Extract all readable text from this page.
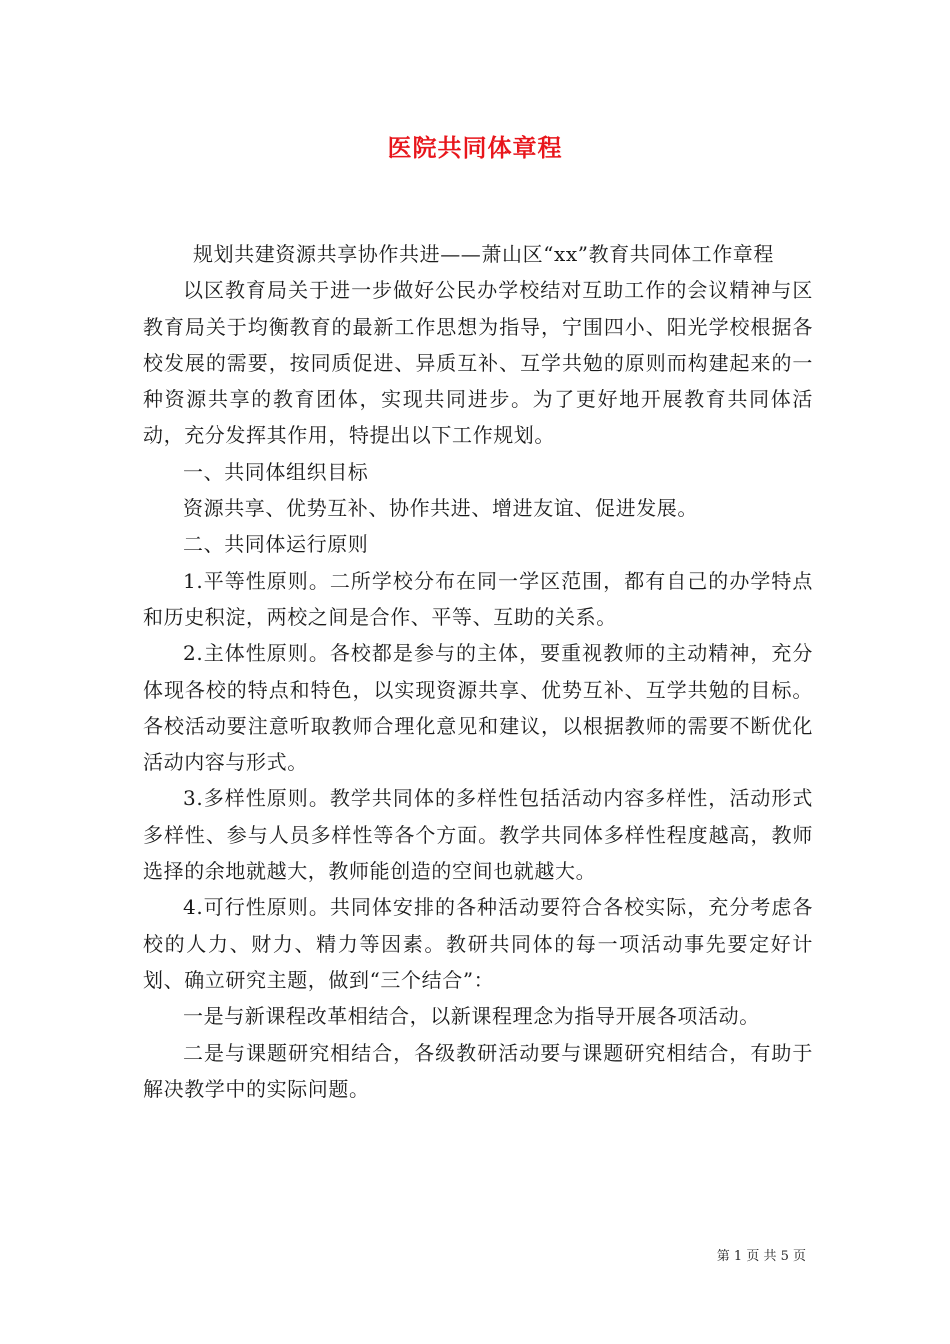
医院共同体章程

规划共建资源共享协作共进——萧山区“xx”教育共同体工作章程

以区教育局关于进一步做好公民办学校结对互助工作的会议精神与区教育局关于均衡教育的最新工作思想为指导，宁围四小、阳光学校根据各校发展的需要，按同质促进、异质互补、互学共勉的原则而构建起来的一种资源共享的教育团体，实现共同进步。为了更好地开展教育共同体活动，充分发挥其作用，特提出以下工作规划。

一、共同体组织目标

资源共享、优势互补、协作共进、增进友谊、促进发展。

二、共同体运行原则

1.平等性原则。二所学校分布在同一学区范围，都有自己的办学特点和历史积淀，两校之间是合作、平等、互助的关系。

2.主体性原则。各校都是参与的主体，要重视教师的主动精神，充分体现各校的特点和特色，以实现资源共享、优势互补、互学共勉的目标。各校活动要注意听取教师合理化意见和建议，以根据教师的需要不断优化活动内容与形式。

3.多样性原则。教学共同体的多样性包括活动内容多样性，活动形式多样性、参与人员多样性等各个方面。教学共同体多样性程度越高，教师选择的余地就越大，教师能创造的空间也就越大。

4.可行性原则。共同体安排的各种活动要符合各校实际，充分考虑各校的人力、财力、精力等因素。教研共同体的每一项活动事先要定好计划、确立研究主题，做到“三个结合”：

一是与新课程改革相结合，以新课程理念为指导开展各项活动。

二是与课题研究相结合，各级教研活动要与课题研究相结合，有助于解决教学中的实际问题。

第 1 页 共 5 页
